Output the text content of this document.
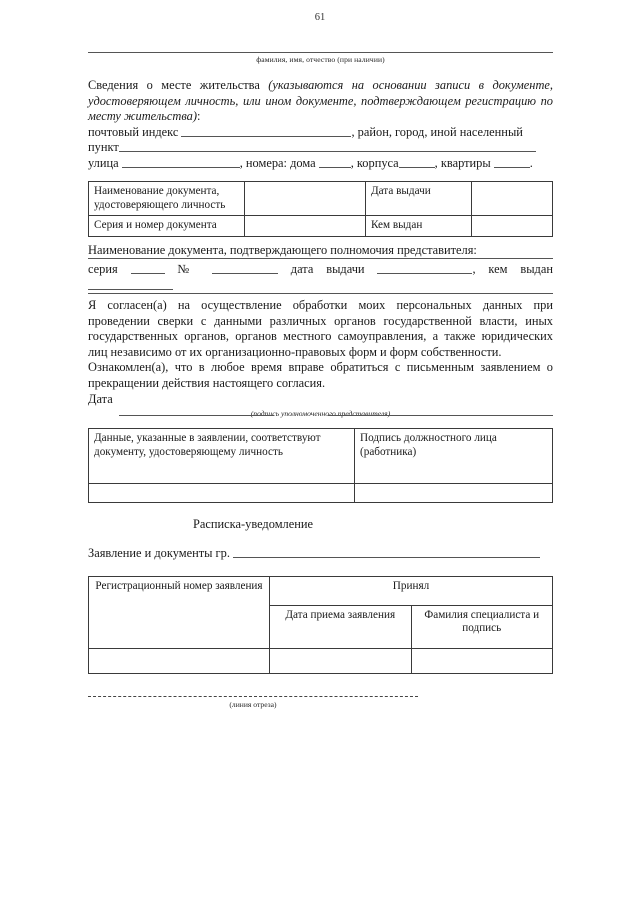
61
фамилия, имя, отчество (при наличии)

Сведения о месте жительства (указываются на основании записи в документе, удостоверяющем личность, или ином документе, подтверждающем регистрацию по месту жительства):

почтовый индекс	, район, город, иной населенный

пункт

улица	, номера: дома	, корпуса	, квартиры	.

Наименование документа, удостоверяющего личность		Дата выдачи	
Серия и номер документа		Кем выдан	

Наименование документа, подтверждающего полномочия представителя:

серия	№	дата выдачи	, кем выдан

Я согласен(а) на осуществление обработки моих персональных данных при проведении сверки с данными различных органов государственной власти, иных государственных органов, органов местного самоуправления, а также юридических лиц независимо от их организационно-правовых форм и форм собственности.

Ознакомлен(а), что в любое время вправе обратиться с письменным заявлением о прекращении действия настоящего согласия.

Дата
(подпись уполномоченного представителя)
Данные, указанные в заявлении, соответствуют документу, удостоверяющему личность	Подпись должностного лица (работника)

Расписка-уведомление

Заявление и документы гр.

Регистрационный номер заявления	Принял	
	Дата приема заявления	Фамилия специалиста и подпись

(линия отреза)
